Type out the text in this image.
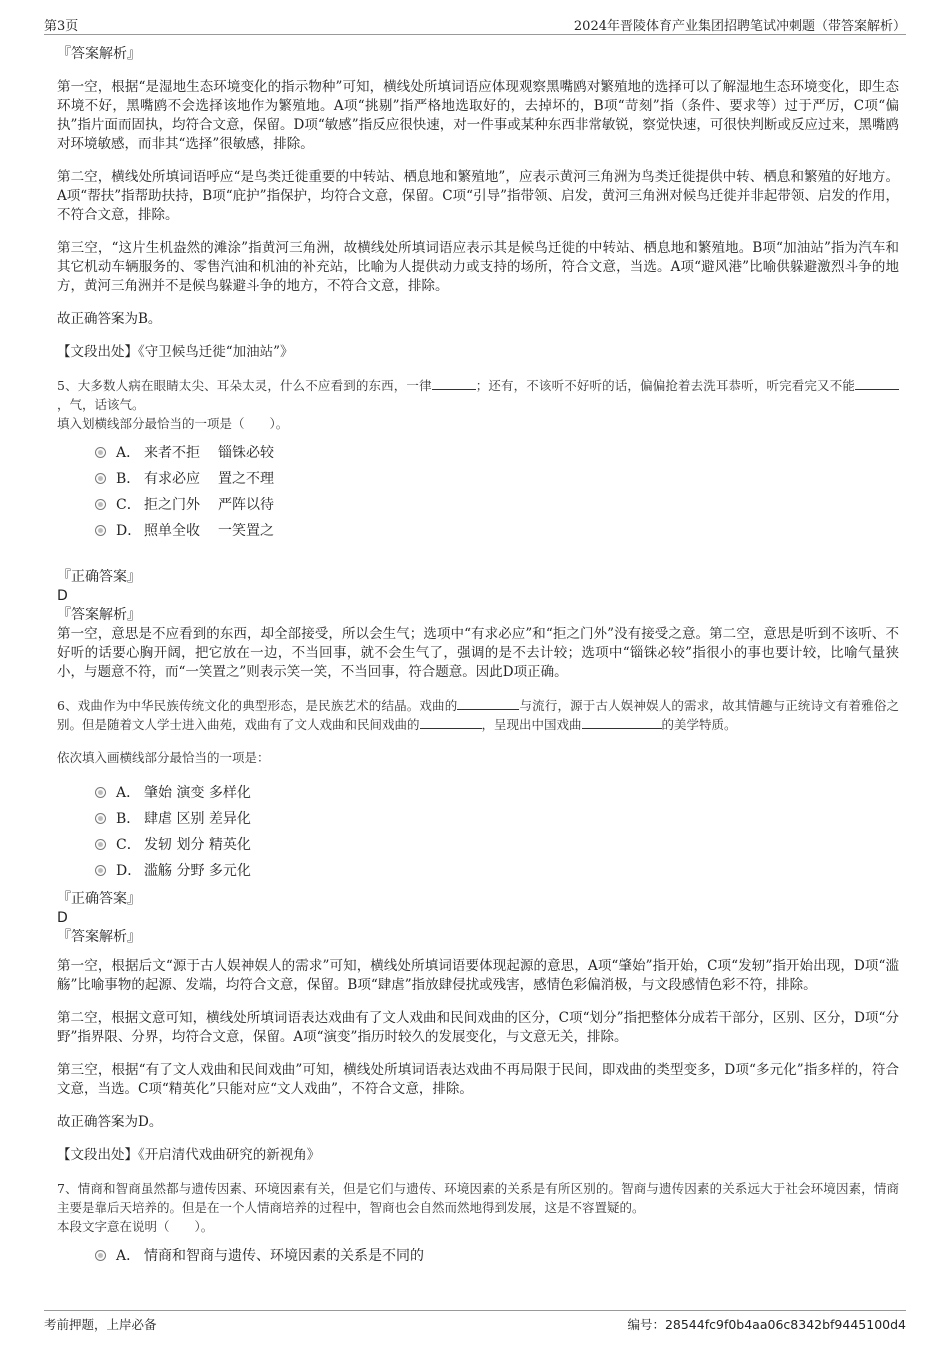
第3页	2024年晋陵体育产业集团招聘笔试冲刺题（带答案解析）
『答案解析』

第一空，根据“是湿地生态环境变化的指示物种”可知，横线处所填词语应体现观察黑嘴鸥对繁殖地的选择可以了解湿地生态环境变化，即生态环境不好，黑嘴鸥不会选择该地作为繁殖地。A项“挑剔”指严格地选取好的，去掉坏的，B项“苛刻”指（条件、要求等）过于严厉，C项“偏执”指片面而固执，均符合文意，保留。D项“敏感”指反应很快速，对一件事或某种东西非常敏锐，察觉快速，可很快判断或反应过来，黑嘴鸥对环境敏感，而非其“选择”很敏感，排除。

第二空，横线处所填词语呼应“是鸟类迁徙重要的中转站、栖息地和繁殖地”，应表示黄河三角洲为鸟类迁徙提供中转、栖息和繁殖的好地方。A项“帮扶”指帮助扶持，B项“庇护”指保护，均符合文意，保留。C项“引导”指带领、启发，黄河三角洲对候鸟迁徙并非起带领、启发的作用，不符合文意，排除。

第三空，“这片生机盎然的滩涂”指黄河三角洲，故横线处所填词语应表示其是候鸟迁徙的中转站、栖息地和繁殖地。B项“加油站”指为汽车和其它机动车辆服务的、零售汽油和机油的补充站，比喻为人提供动力或支持的场所，符合文意，当选。A项“避风港”比喻供躲避激烈斗争的地方，黄河三角洲并不是候鸟躲避斗争的地方，不符合文意，排除。

故正确答案为B。

【文段出处】《守卫候鸟迁徙“加油站”》

5、大多数人病在眼睛太尖、耳朵太灵，什么不应看到的东西，一律	；还有，不该听不好听的话，偏偏抢着去洗耳恭听，听完看完又不能，气，话该气。

填入划横线部分最恰当的一项是（　　）。

A． 来者不拒 锱铢必较
B． 有求必应 置之不理
C． 拒之门外 严阵以待
D． 照单全收 一笑置之
『正确答案』
D
『答案解析』

第一空，意思是不应看到的东西，却全部接受，所以会生气；选项中“有求必应”和“拒之门外”没有接受之意。第二空，意思是听到不该听、不好听的话要心胸开阔，把它放在一边，不当回事，就不会生气了，强调的是不去计较；选项中“锱铢必较”指很小的事也要计较，比喻气量狭小，与题意不符，而“一笑置之”则表示笑一笑，不当回事，符合题意。因此D项正确。

6、戏曲作为中华民族传统文化的典型形态，是民族艺术的结晶。戏曲的	与流行，源于古人娱神娱人的需求，故其情趣与正统诗文有着雅俗之别。但是随着文人学士进入曲苑，戏曲有了文人戏曲和民间戏曲的	，呈现出中国戏曲	的美学特质。

依次填入画横线部分最恰当的一项是：

A． 肇始 演变 多样化
B． 肆虐 区别 差异化
C． 发轫 划分 精英化
D． 滥觞 分野 多元化
『正确答案』
D
『答案解析』

第一空，根据后文“源于古人娱神娱人的需求”可知，横线处所填词语要体现起源的意思，A项“肇始”指开始，C项“发轫”指开始出现，D项“滥觞”比喻事物的起源、发端，均符合文意，保留。B项“肆虐”指放肆侵扰或残害，感情色彩偏消极，与文段感情色彩不符，排除。

第二空，根据文意可知，横线处所填词语表达戏曲有了文人戏曲和民间戏曲的区分，C项“划分”指把整体分成若干部分，区别、区分，D项“分野”指界限、分界，均符合文意，保留。A项“演变”指历时较久的发展变化，与文意无关，排除。

第三空，根据“有了文人戏曲和民间戏曲”可知，横线处所填词语表达戏曲不再局限于民间，即戏曲的类型变多，D项“多元化”指多样的，符合文意，当选。C项“精英化”只能对应“文人戏曲”，不符合文意，排除。

故正确答案为D。

【文段出处】《开启清代戏曲研究的新视角》

7、情商和智商虽然都与遗传因素、环境因素有关，但是它们与遗传、环境因素的关系是有所区别的。智商与遗传因素的关系远大于社会环境因素，情商主要是靠后天培养的。但是在一个人情商培养的过程中，智商也会自然而然地得到发展，这是不容置疑的。

本段文字意在说明（　　）。

A． 情商和智商与遗传、环境因素的关系是不同的
考前押题，上岸必备	编号：28544fc9f0b4aa06c8342bf9445100d4
